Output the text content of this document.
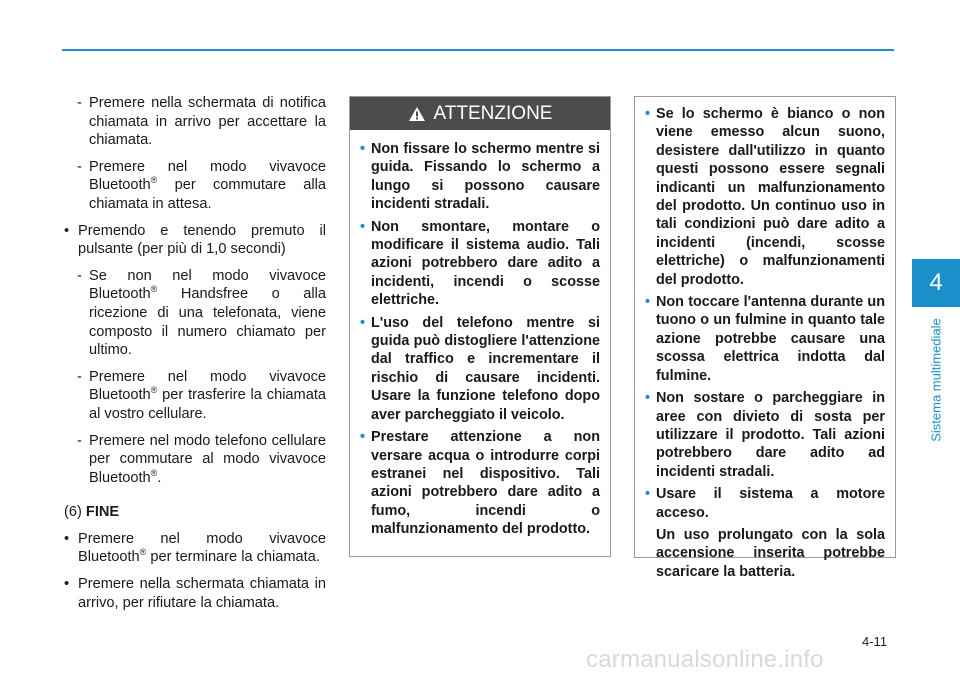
- Premere nella schermata di notifica chiamata in arrivo per accettare la chiamata.

- Premere nel modo vivavoce Bluetooth® per commutare alla chiamata in attesa.

• Premendo e tenendo premuto il pulsante (per più di 1,0 secondi)

- Se non nel modo vivavoce Bluetooth® Handsfree o alla ricezione di una telefonata, viene composto il numero chiamato per ultimo.

- Premere nel modo vivavoce Bluetooth® per trasferire la chiamata al vostro cellulare.

- Premere nel modo telefono cellulare per commutare al modo vivavoce Bluetooth®.

(6) FINE

• Premere nel modo vivavoce Bluetooth® per terminare la chiamata.

• Premere nella schermata chiamata in arrivo, per rifiutare la chiamata.

ATTENZIONE

• Non fissare lo schermo mentre si guida. Fissando lo schermo a lungo si possono causare incidenti stradali.

• Non smontare, montare o modificare il sistema audio. Tali azioni potrebbero dare adito a incidenti, incendi o scosse elettriche.

• L'uso del telefono mentre si guida può distogliere l'attenzione dal traffico e incrementare il rischio di causare incidenti. Usare la funzione telefono dopo aver parcheggiato il veicolo.

• Prestare attenzione a non versare acqua o introdurre corpi estranei nel dispositivo. Tali azioni potrebbero dare adito a fumo, incendi o malfunzionamento del prodotto.

• Se lo schermo è bianco o non viene emesso alcun suono, desistere dall'utilizzo in quanto questi possono essere segnali indicanti un malfunzionamento del prodotto. Un continuo uso in tali condizioni può dare adito a incidenti (incendi, scosse elettriche) o malfunzionamenti del prodotto.

• Non toccare l'antenna durante un tuono o un fulmine in quanto tale azione potrebbe causare una scossa elettrica indotta dal fulmine.

• Non sostare o parcheggiare in aree con divieto di sosta per utilizzare il prodotto. Tali azioni potrebbero dare adito ad incidenti stradali.

• Usare il sistema a motore acceso.

Un uso prolungato con la sola accensione inserita potrebbe scaricare la batteria.

4
Sistema multimediale
4-11
carmanualsonline.info
